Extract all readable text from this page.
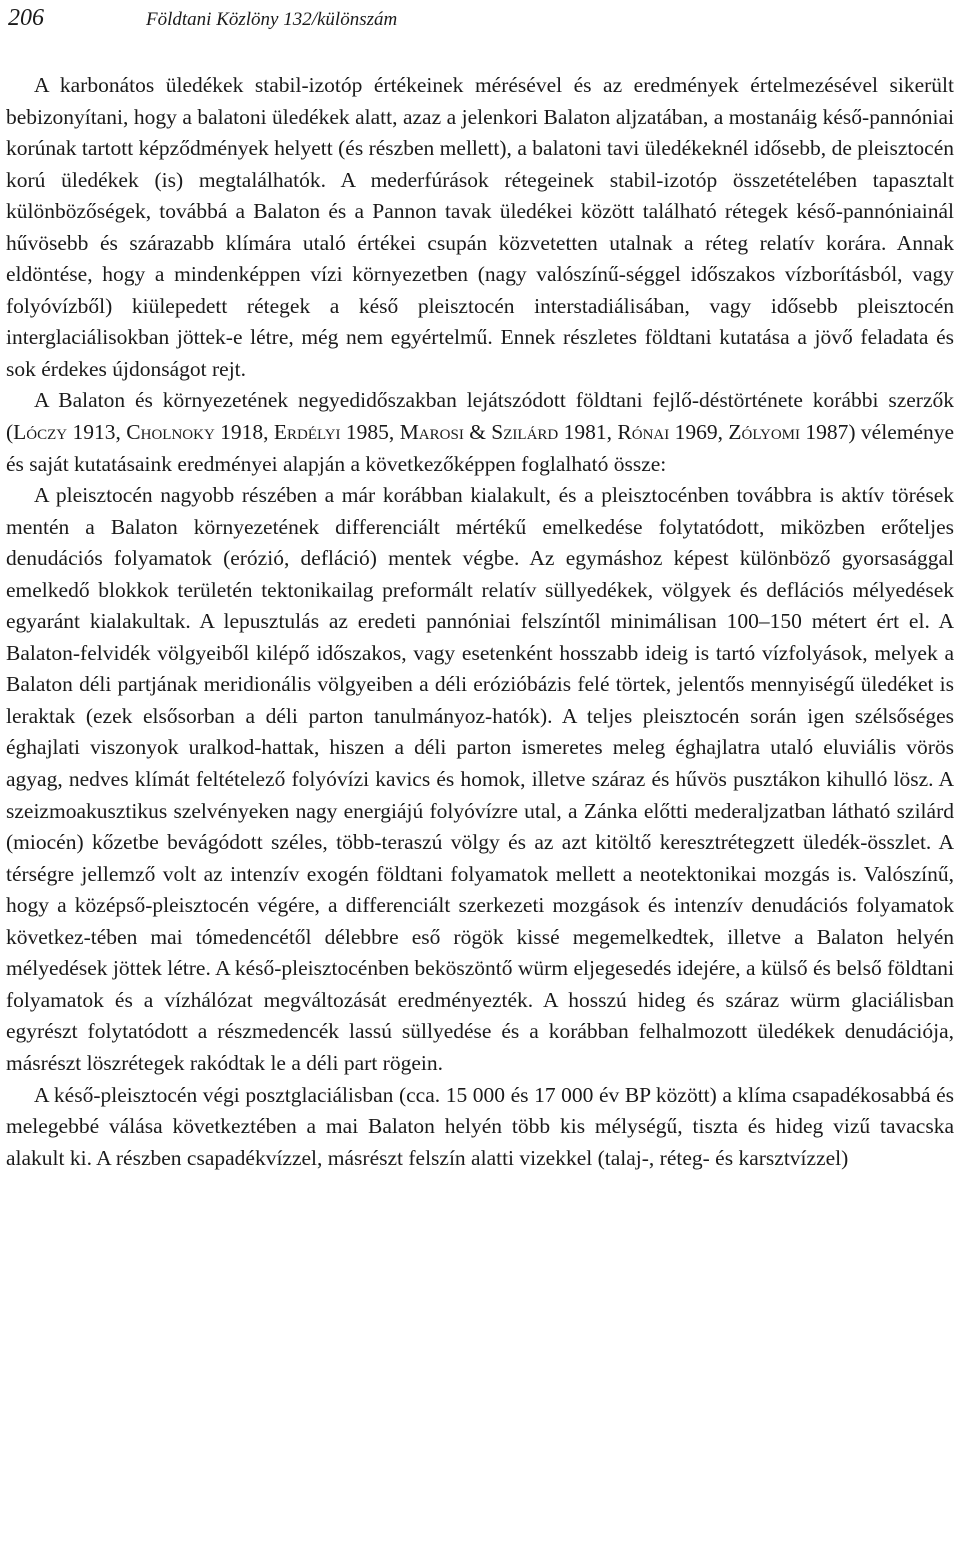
206	Földtani Közlöny 132/különszám

A karbonátos üledékek stabil-izotóp értékeinek mérésével és az eredmények értelmezésével sikerült bebizonyítani, hogy a balatoni üledékek alatt, azaz a jelenkori Balaton aljzatában, a mostanáig késő-pannóniai korúnak tartott képződmények helyett (és részben mellett), a balatoni tavi üledékeknél idősebb, de pleisztocén korú üledékek (is) megtalálhatók. A mederfúrások rétegeinek stabil-izotóp összetételében tapasztalt különbözőségek, továbbá a Balaton és a Pannon tavak üledékei között található rétegek késő-pannóniainál hűvösebb és szárazabb klímára utaló értékei csupán közvetetten utalnak a réteg relatív korára. Annak eldöntése, hogy a mindenképpen vízi környezetben (nagy valószínű-séggel időszakos vízborításból, vagy folyóvízből) kiülepedett rétegek a késő pleisztocén interstadiálisában, vagy idősebb pleisztocén interglaciálisokban jöttek-e létre, még nem egyértelmű. Ennek részletes földtani kutatása a jövő feladata és sok érdekes újdonságot rejt.

A Balaton és környezetének negyedidőszakban lejátszódott földtani fejlő-déstörténete korábbi szerzők (Lóczy 1913, Cholnoky 1918, Erdélyi 1985, Marosi & Szilárd 1981, Rónai 1969, Zólyomi 1987) véleménye és saját kutatásaink eredményei alapján a következőképpen foglalható össze:

A pleisztocén nagyobb részében a már korábban kialakult, és a pleisztocénben továbbra is aktív törések mentén a Balaton környezetének differenciált mértékű emelkedése folytatódott, miközben erőteljes denudációs folyamatok (erózió, defláció) mentek végbe. Az egymáshoz képest különböző gyorsasággal emelkedő blokkok területén tektonikailag preformált relatív süllyedékek, völgyek és deflációs mélyedések egyaránt kialakultak. A lepusztulás az eredeti pannóniai felszíntől minimálisan 100–150 métert ért el. A Balaton-felvidék völgyeiből kilépő időszakos, vagy esetenként hosszabb ideig is tartó vízfolyások, melyek a Balaton déli partjának meridionális völgyeiben a déli erózióbázis felé törtek, jelentős mennyiségű üledéket is leraktak (ezek elsősorban a déli parton tanulmányoz-hatók). A teljes pleisztocén során igen szélsőséges éghajlati viszonyok uralkod-hattak, hiszen a déli parton ismeretes meleg éghajlatra utaló eluviális vörös agyag, nedves klímát feltételező folyóvízi kavics és homok, illetve száraz és hűvös pusztákon kihulló lösz. A szeizmoakusztikus szelvényeken nagy energiájú folyóvízre utal, a Zánka előtti mederaljzatban látható szilárd (miocén) kőzetbe bevágódott széles, több-teraszú völgy és az azt kitöltő keresztrétegzett üledék-összlet. A térségre jellemző volt az intenzív exogén földtani folyamatok mellett a neotektonikai mozgás is. Valószínű, hogy a középső-pleisztocén végére, a differenciált szerkezeti mozgások és intenzív denudációs folyamatok következ-tében mai tómedencétől délebbre eső rögök kissé megemelkedtek, illetve a Balaton helyén mélyedések jöttek létre. A késő-pleisztocénben beköszöntő würm eljegesedés idejére, a külső és belső földtani folyamatok és a vízhálózat megváltozását eredményezték. A hosszú hideg és száraz würm glaciálisban egyrészt folytatódott a részmedencék lassú süllyedése és a korábban felhalmozott üledékek denudációja, másrészt löszrétegek rakódtak le a déli part rögein.

A késő-pleisztocén végi posztglaciálisban (cca. 15 000 és 17 000 év BP között) a klíma csapadékosabbá és melegebbé válása következtében a mai Balaton helyén több kis mélységű, tiszta és hideg vizű tavacska alakult ki. A részben csapadékvízzel, másrészt felszín alatti vizekkel (talaj-, réteg- és karsztvízzel)
